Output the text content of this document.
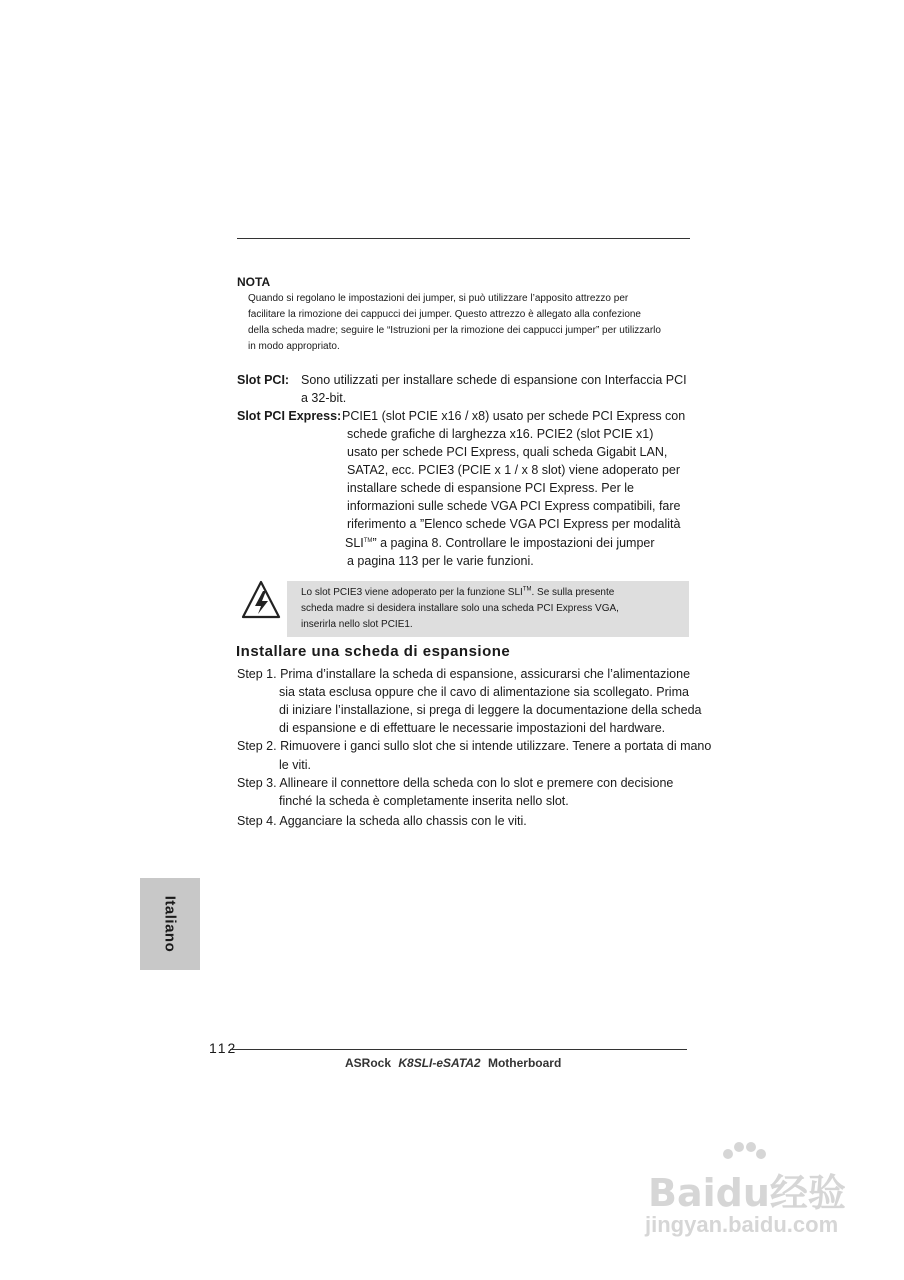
NOTA
Quando si regolano le impostazioni dei jumper, si può utilizzare l’apposito attrezzo per
facilitare la rimozione dei cappucci dei jumper. Questo attrezzo è allegato alla confezione
della scheda madre; seguire le “Istruzioni per la rimozione dei cappucci jumper” per utilizzarlo
in modo appropriato.
Slot PCI: Sono utilizzati per installare schede di espansione con Interfaccia PCI
a 32-bit.
Slot PCI Express: PCIE1 (slot PCIE x16 / x8) usato per schede PCI Express con
schede grafiche di larghezza x16. PCIE2 (slot PCIE x1)
usato per schede PCI Express, quali scheda Gigabit LAN,
SATA2, ecc. PCIE3 (PCIE x 1 / x 8 slot) viene adoperato per
installare schede di espansione PCI Express. Per le
informazioni sulle schede VGA PCI Express compatibili, fare
riferimento a ”Elenco schede VGA PCI Express per modalità
SLI™” a pagina 8. Controllare le impostazioni dei jumper
a pagina 113 per le varie funzioni.
Lo slot PCIE3 viene adoperato per la funzione SLI™. Se sulla presente
scheda madre si desidera installare solo una scheda PCI Express VGA,
inserirla nello slot PCIE1.
Installare una scheda di espansione
Step 1. Prima d’installare la scheda di espansione, assicurarsi che l’alimentazione
sia stata esclusa oppure che il cavo di alimentazione sia scollegato. Prima
di iniziare l’installazione, si prega di leggere la documentazione della scheda
di espansione e di effettuare le necessarie impostazioni del hardware.
Step 2. Rimuovere i ganci sullo slot che si intende utilizzare. Tenere a portata di mano
le viti.
Step 3. Allineare il connettore della scheda con lo slot e premere con decisione
finché la scheda è completamente inserita nello slot.
Step 4. Agganciare la scheda allo chassis con le viti.
Italiano
112
ASRock K8SLI-eSATA2 Motherboard
Baidu经验
jingyan.baidu.com
